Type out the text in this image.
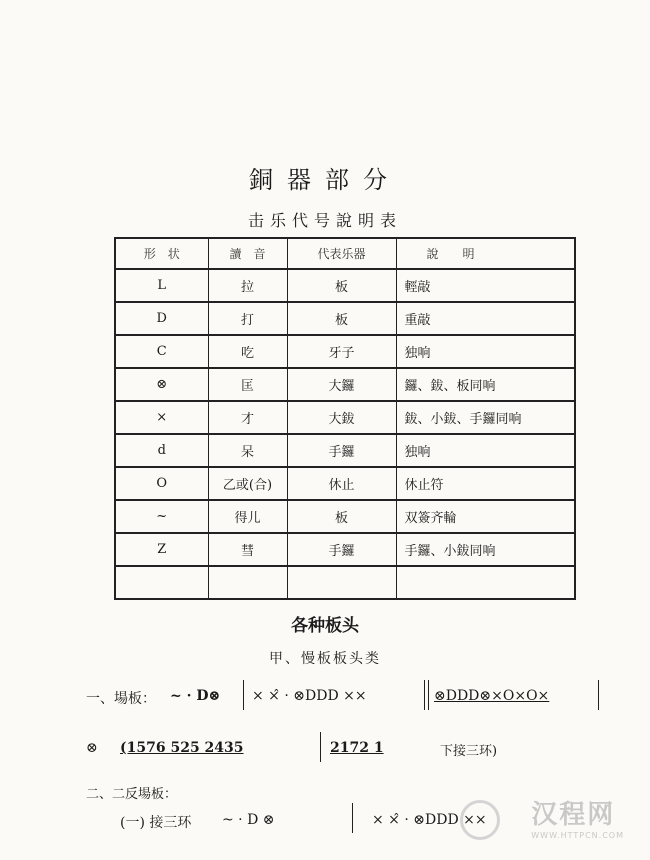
銅器部分
击乐代号說明表
形　状	讀　音	代表乐器	說　　明
L	拉	板	輕敲
D	打	板	重敲
C	吃	牙子	独响
⊗	匡	大鑼	鑼、鈸、板同响
×	才	大鈸	鈸、小鈸、手鑼同响
d	呆	手鑼	独响
O	乙或(合)	休止	休止符
~	得儿	板	双簽齐輪
Z	彗	手鑼	手鑼、小鈸同响

各种板头
甲、慢板板头类
一、場板： ~ · D⊗ × ×̂ · ⊗DDD ××	⊗DDD⊗×O×O×
⊗ (1576 525 2435	2172 1	下接三环)
二、二反場板：
(一) 接三环 ~ · D ⊗	× ×̂ · ⊗DDD ×× 汉程网
WWW.HTTPCN.COM
